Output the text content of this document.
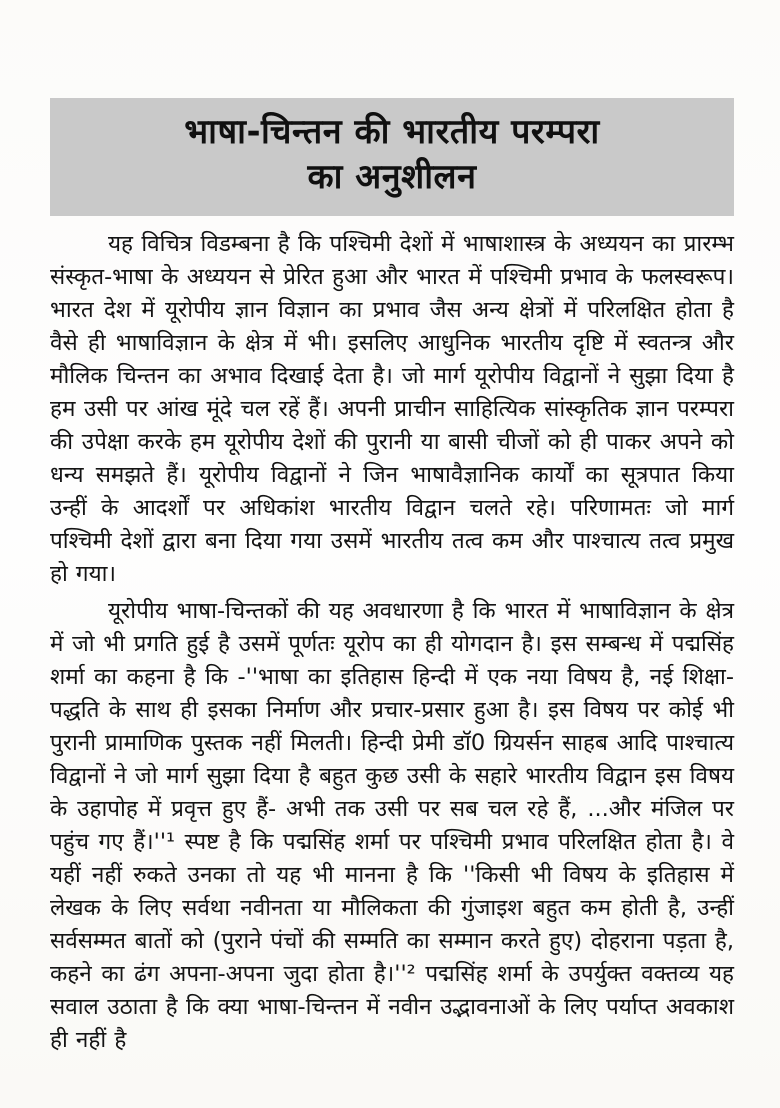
भाषा-चिन्तन की भारतीय परम्परा
का अनुशीलन

यह विचित्र विडम्बना है कि पश्चिमी देशों में भाषाशास्त्र के अध्ययन का प्रारम्भ संस्कृत-भाषा के अध्ययन से प्रेरित हुआ और भारत में पश्चिमी प्रभाव के फलस्वरूप। भारत देश में यूरोपीय ज्ञान विज्ञान का प्रभाव जैस अन्य क्षेत्रों में परिलक्षित होता है वैसे ही भाषाविज्ञान के क्षेत्र में भी। इसलिए आधुनिक भारतीय दृष्टि में स्वतन्त्र और मौलिक चिन्तन का अभाव दिखाई देता है। जो मार्ग यूरोपीय विद्वानों ने सुझा दिया है हम उसी पर आंख मूंदे चल रहें हैं। अपनी प्राचीन साहित्यिक सांस्कृतिक ज्ञान परम्परा की उपेक्षा करके हम यूरोपीय देशों की पुरानी या बासी चीजों को ही पाकर अपने को धन्य समझते हैं। यूरोपीय विद्वानों ने जिन भाषावैज्ञानिक कार्यों का सूत्रपात किया उन्हीं के आदर्शों पर अधिकांश भारतीय विद्वान चलते रहे। परिणामतः जो मार्ग पश्चिमी देशों द्वारा बना दिया गया उसमें भारतीय तत्व कम और पाश्चात्य तत्व प्रमुख हो गया।

यूरोपीय भाषा-चिन्तकों की यह अवधारणा है कि भारत में भाषाविज्ञान के क्षेत्र में जो भी प्रगति हुई है उसमें पूर्णतः यूरोप का ही योगदान है। इस सम्बन्ध में पद्मसिंह शर्मा का कहना है कि -''भाषा का इतिहास हिन्दी में एक नया विषय है, नई शिक्षा-पद्धति के साथ ही इसका निर्माण और प्रचार-प्रसार हुआ है। इस विषय पर कोई भी पुरानी प्रामाणिक पुस्तक नहीं मिलती। हिन्दी प्रेमी डॉ0 ग्रियर्सन साहब आदि पाश्चात्य विद्वानों ने जो मार्ग सुझा दिया है बहुत कुछ उसी के सहारे भारतीय विद्वान इस विषय के उहापोह में प्रवृत्त हुए हैं- अभी तक उसी पर सब चल रहे हैं, ...और मंजिल पर पहुंच गए हैं।''¹ स्पष्ट है कि पद्मसिंह शर्मा पर पश्चिमी प्रभाव परिलक्षित होता है। वे यहीं नहीं रुकते उनका तो यह भी मानना है कि ''किसी भी विषय के इतिहास में लेखक के लिए सर्वथा नवीनता या मौलिकता की गुंजाइश बहुत कम होती है, उन्हीं सर्वसम्मत बातों को (पुराने पंचों की सम्मति का सम्मान करते हुए) दोहराना पड़ता है, कहने का ढंग अपना-अपना जुदा होता है।''² पद्मसिंह शर्मा के उपर्युक्त वक्तव्य यह सवाल उठाता है कि क्या भाषा-चिन्तन में नवीन उद्भावनाओं के लिए पर्याप्त अवकाश ही नहीं है
